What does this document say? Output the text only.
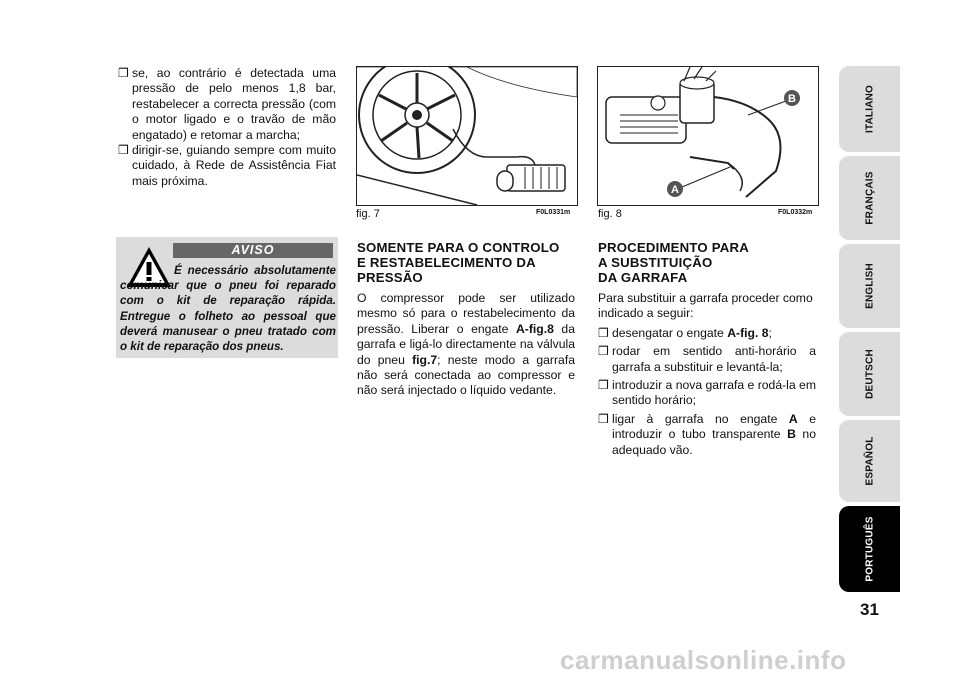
❒ se, ao contrário é detectada uma pressão de pelo menos 1,8 bar, restabelecer a correcta pressão (com o motor ligado e o travão de mão engatado) e retomar a marcha;
❒ dirigir-se, guiando sempre com muito cuidado, à Rede de Assistência Fiat mais próxima.
AVISO
É necessário absolutamente comunicar que o pneu foi reparado com o kit de reparação rápida. Entregue o folheto ao pessoal que deverá manusear o pneu tratado com o kit de reparação dos pneus.
fig. 7	F0L0331m
A
B
fig. 8	F0L0332m
SOMENTE PARA O CONTROLO
E RESTABELECIMENTO DA
PRESSÃO
O compressor pode ser utilizado mesmo só para o restabelecimento da pressão. Liberar o engate A-fig.8 da garrafa e ligá-lo directamente na válvula do pneu fig.7; neste modo a garrafa não será conectada ao compressor e não será injectado o líquido vedante.
PROCEDIMENTO PARA
A SUBSTITUIÇÃO
DA GARRAFA
Para substituir a garrafa proceder como indicado a seguir:
❒ desengatar o engate A-fig. 8;
❒ rodar em sentido anti-horário a garrafa a substituir e levantá-la;
❒ introduzir a nova garrafa e rodá-la em sentido horário;
❒ ligar à garrafa no engate A e introduzir o tubo transparente B no adequado vão.
ITALIANO
FRANÇAIS
ENGLISH
DEUTSCH
ESPAÑOL
PORTUGUÊS
31
carmanualsonline.info
